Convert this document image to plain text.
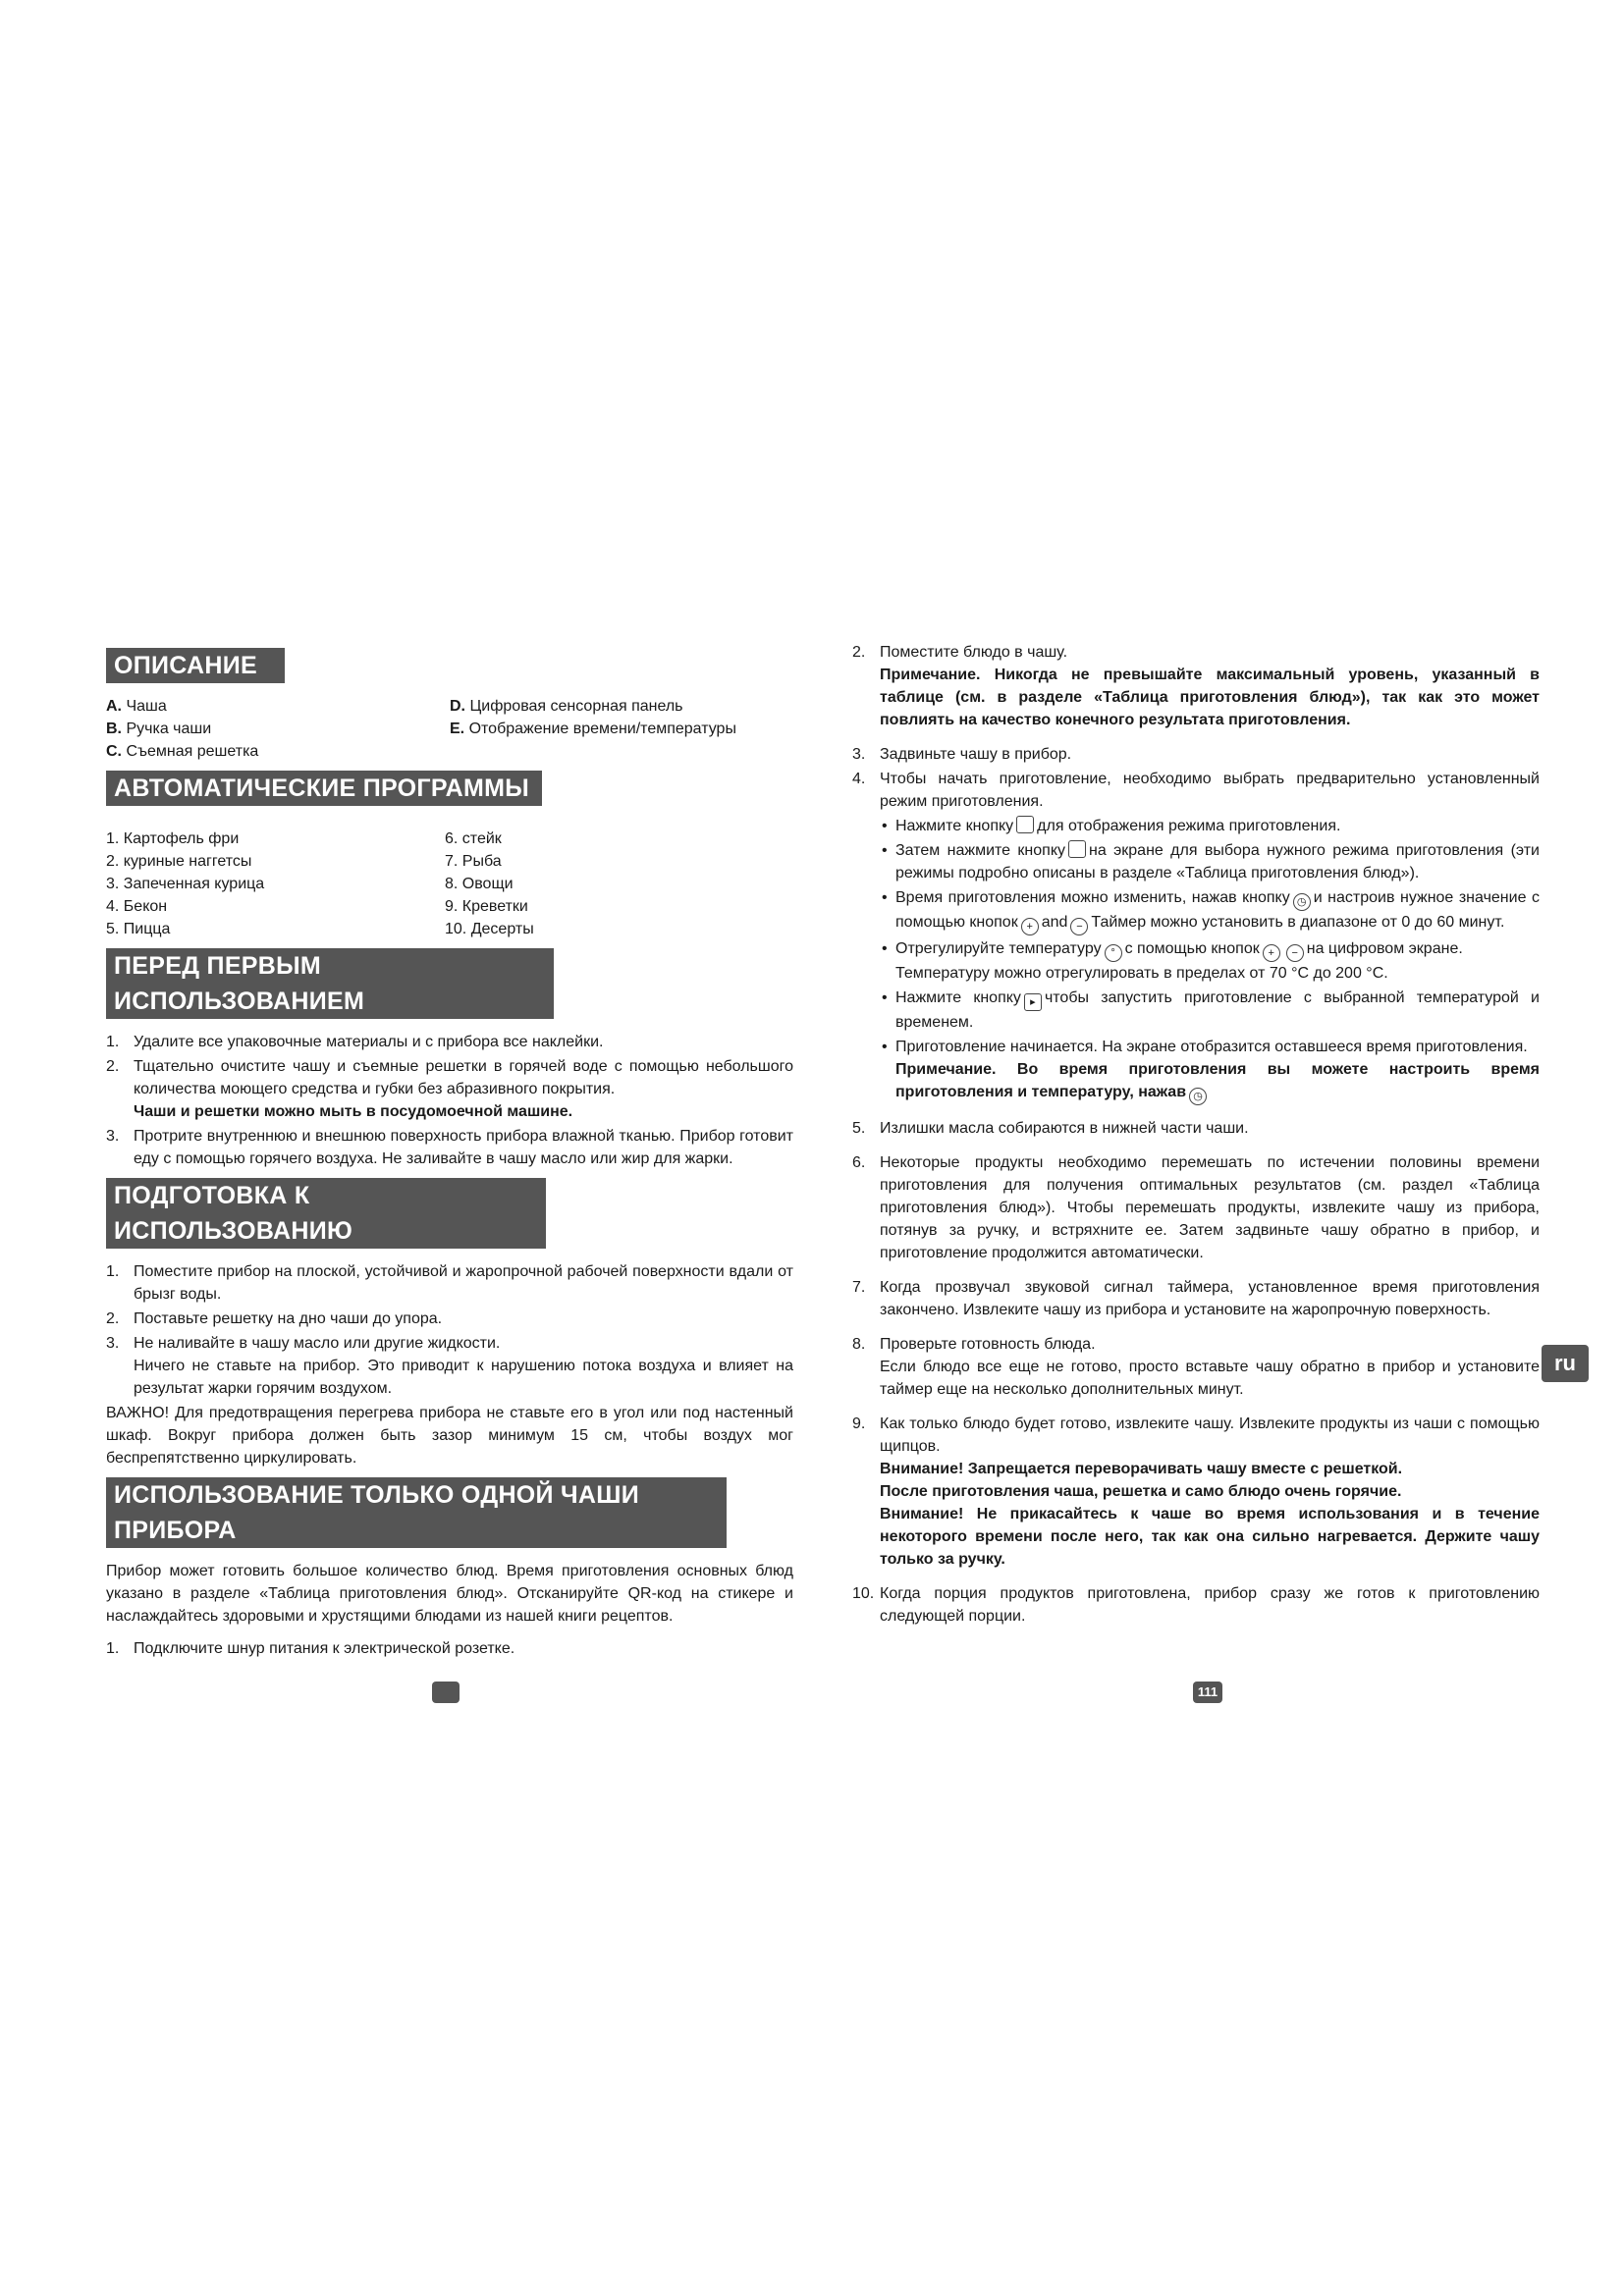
ОПИСАНИЕ
A. Чаша
B. Ручка чаши
C. Съемная решетка
D. Цифровая сенсорная панель
E. Отображение времени/температуры
АВТОМАТИЧЕСКИЕ ПРОГРАММЫ
1. Картофель фри
2. куриные наггетсы
3. Запеченная курица
4. Бекон
5. Пицца
6. стейк
7. Рыба
8. Овощи
9. Креветки
10. Десерты
ПЕРЕД ПЕРВЫМ ИСПОЛЬЗОВАНИЕМ
1. Удалите все упаковочные материалы и с прибора все наклейки.
2. Тщательно очистите чашу и съемные решетки в горячей воде с помощью небольшого количества моющего средства и губки без абразивного покрытия.
Чаши и решетки можно мыть в посудомоечной машине.
3. Протрите внутреннюю и внешнюю поверхность прибора влажной тканью. Прибор готовит еду с помощью горячего воздуха. Не заливайте в чашу масло или жир для жарки.
ПОДГОТОВКА К ИСПОЛЬЗОВАНИЮ
1. Поместите прибор на плоской, устойчивой и жаропрочной рабочей поверхности вдали от брызг воды.
2. Поставьте решетку на дно чаши до упора.
3. Не наливайте в чашу масло или другие жидкости.
Ничего не ставьте на прибор. Это приводит к нарушению потока воздуха и влияет на результат жарки горячим воздухом.
ВАЖНО! Для предотвращения перегрева прибора не ставьте его в угол или под настенный шкаф. Вокруг прибора должен быть зазор минимум 15 см, чтобы воздух мог беспрепятственно циркулировать.
ИСПОЛЬЗОВАНИЕ ТОЛЬКО ОДНОЙ ЧАШИ ПРИБОРА
Прибор может готовить большое количество блюд. Время приготовления основных блюд указано в разделе «Таблица приготовления блюд». Отсканируйте QR-код на стикере и наслаждайтесь здоровыми и хрустящими блюдами из нашей книги рецептов.
1. Подключите шнур питания к электрической розетке.
2. Поместите блюдо в чашу.
Примечание. Никогда не превышайте максимальный уровень, указанный в таблице (см. в разделе «Таблица приготовления блюд»), так как это может повлиять на качество конечного результата приготовления.
3. Задвиньте чашу в прибор.
4. Чтобы начать приготовление, необходимо выбрать предварительно установленный режим приготовления.
• Нажмите кнопку для отображения режима приготовления.
• Затем нажмите кнопку на экране для выбора нужного режима приготовления (эти режимы подробно описаны в разделе «Таблица приготовления блюд»).
• Время приготовления можно изменить, нажав кнопку ◷ и настроив нужное значение с помощью кнопок + and − Таймер можно установить в диапазоне от 0 до 60 минут.
• Отрегулируйте температуру ° с помощью кнопок + − на цифровом экране.
Температуру можно отрегулировать в пределах от 70 °С до 200 °С.
• Нажмите кнопку ▸ чтобы запустить приготовление с выбранной температурой и временем.
• Приготовление начинается. На экране отобразится оставшееся время приготовления.
Примечание. Во время приготовления вы можете настроить время приготовления и температуру, нажав ◷
5. Излишки масла собираются в нижней части чаши.
6. Некоторые продукты необходимо перемешать по истечении половины времени приготовления для получения оптимальных результатов (см. раздел «Таблица приготовления блюд»). Чтобы перемешать продукты, извлеките чашу из прибора, потянув за ручку, и встряхните ее. Затем задвиньте чашу обратно в прибор, и приготовление продолжится автоматически.
7. Когда прозвучал звуковой сигнал таймера, установленное время приготовления закончено. Извлеките чашу из прибора и установите на жаропрочную поверхность.
8. Проверьте готовность блюда.
Если блюдо все еще не готово, просто вставьте чашу обратно в прибор и установите таймер еще на несколько дополнительных минут.
9. Как только блюдо будет готово, извлеките чашу. Извлеките продукты из чаши с помощью щипцов.
Внимание! Запрещается переворачивать чашу вместе с решеткой.
После приготовления чаша, решетка и само блюдо очень горячие.
Внимание! Не прикасайтесь к чаше во время использования и в течение некоторого времени после него, так как она сильно нагревается. Держите чашу только за ручку.
10. Когда порция продуктов приготовлена, прибор сразу же готов к приготовлению следующей порции.
ru
111
